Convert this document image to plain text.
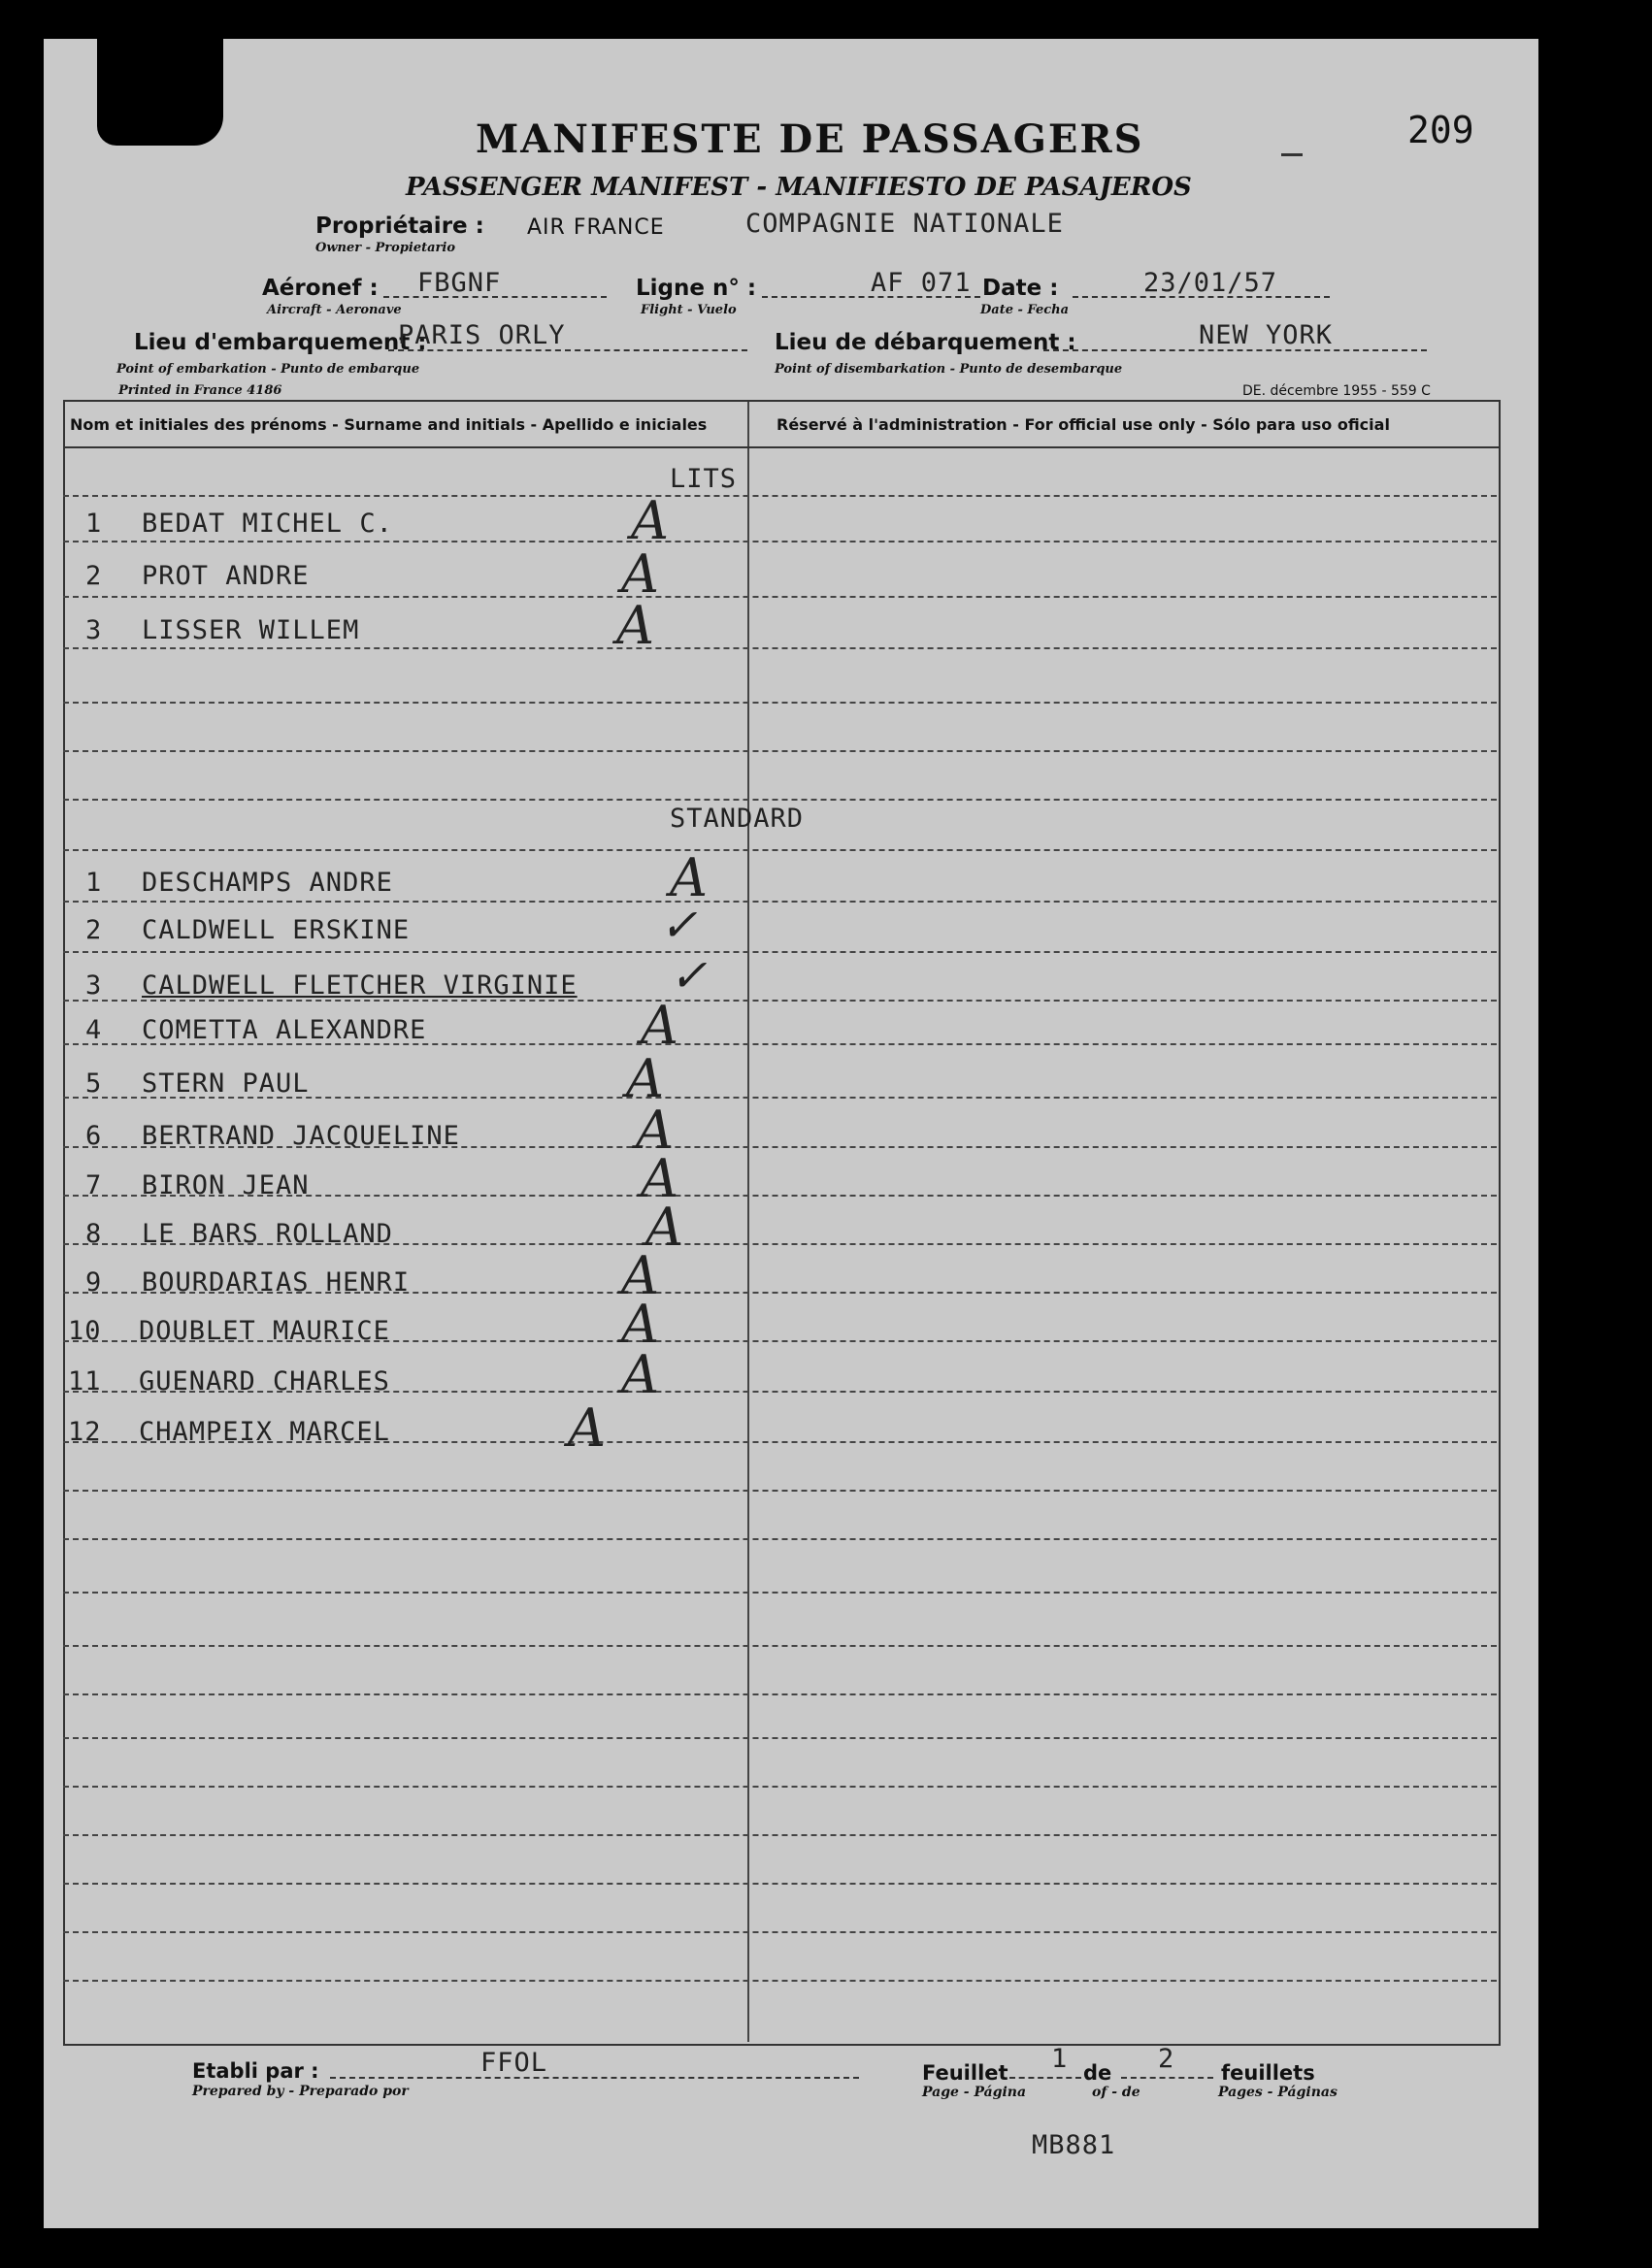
209
MANIFESTE DE PASSAGERS
PASSENGER MANIFEST - MANIFIESTO DE PASAJEROS
Propriétaire :
Owner - Propietario
AIR FRANCE	COMPAGNIE NATIONALE
Aéronef : FBGNF
Aircraft - Aeronave
Ligne n° :	AF 071
Flight - Vuelo
Date :	23/01/57
Date - Fecha
Lieu d'embarquement :
PARIS ORLY
Point of embarkation - Punto de embarque
Lieu de débarquement :	NEW YORK
Point of disembarkation - Punto de desembarque
Printed in France 4186	DE. décembre 1955 - 559 C
Nom et initiales des prénoms - Surname and initials - Apellido e iniciales	Réservé à l'administration - For official use only - Sólo para uso oficial
LITS
STANDARD
1 BEDAT MICHEL C.	A
2 PROT ANDRE	A
3 LISSER WILLEM	A
1 DESCHAMPS ANDRE	A
2 CALDWELL ERSKINE	✓
3 CALDWELL FLETCHER VIRGINIE ✓
4 COMETTA ALEXANDRE	A
5 STERN PAUL	A
6 BERTRAND JACQUELINE	A
7 BIRON JEAN	A
8 LE BARS ROLLAND	A
9 BOURDARIAS HENRI	A
10 DOUBLET MAURICE	A
11 GUENARD CHARLES	A
12 CHAMPEIX MARCEL	A
Etabli par :	FFOL
Prepared by - Preparado por
Feuillet 1 de 2 feuillets
Page - Página	of - de	Pages - Páginas
MB881
